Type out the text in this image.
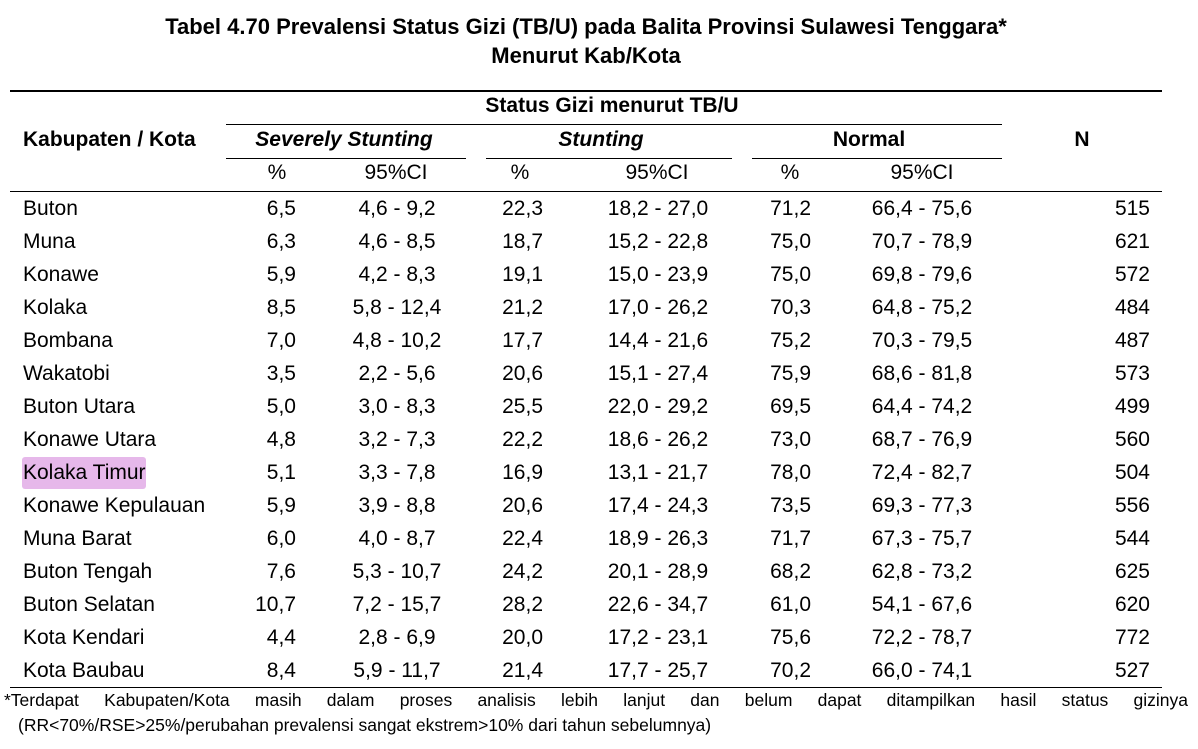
Tabel 4.70 Prevalensi Status Gizi (TB/U) pada Balita Provinsi Sulawesi Tenggara*
Menurut Kab/Kota
Status Gizi menurut TB/U
Kabupaten / Kota	Severely Stunting	Stunting	Normal	N
%	95%CI	%	95%CI	%	95%CI
Buton	6,5	4,6 - 9,2	22,3	18,2 - 27,0	71,2	66,4 - 75,6	515
Muna	6,3	4,6 - 8,5	18,7	15,2 - 22,8	75,0	70,7 - 78,9	621
Konawe	5,9	4,2 - 8,3	19,1	15,0 - 23,9	75,0	69,8 - 79,6	572
Kolaka	8,5	5,8 - 12,4	21,2	17,0 - 26,2	70,3	64,8 - 75,2	484
Bombana	7,0	4,8 - 10,2	17,7	14,4 - 21,6	75,2	70,3 - 79,5	487
Wakatobi	3,5	2,2 - 5,6	20,6	15,1 - 27,4	75,9	68,6 - 81,8	573
Buton Utara	5,0	3,0 - 8,3	25,5	22,0 - 29,2	69,5	64,4 - 74,2	499
Konawe Utara	4,8	3,2 - 7,3	22,2	18,6 - 26,2	73,0	68,7 - 76,9	560
Kolaka Timur	5,1	3,3 - 7,8	16,9	13,1 - 21,7	78,0	72,4 - 82,7	504
Konawe Kepulauan	5,9	3,9 - 8,8	20,6	17,4 - 24,3	73,5	69,3 - 77,3	556
Muna Barat	6,0	4,0 - 8,7	22,4	18,9 - 26,3	71,7	67,3 - 75,7	544
Buton Tengah	7,6	5,3 - 10,7	24,2	20,1 - 28,9	68,2	62,8 - 73,2	625
Buton Selatan	10,7	7,2 - 15,7	28,2	22,6 - 34,7	61,0	54,1 - 67,6	620
Kota Kendari	4,4	2,8 - 6,9	20,0	17,2 - 23,1	75,6	72,2 - 78,7	772
Kota Baubau	8,4	5,9 - 11,7	21,4	17,7 - 25,7	70,2	66,0 - 74,1	527
*Terdapat Kabupaten/Kota masih dalam proses analisis lebih lanjut dan belum dapat ditampilkan hasil status gizinya
(RR<70%/RSE>25%/perubahan prevalensi sangat ekstrem>10% dari tahun sebelumnya)
